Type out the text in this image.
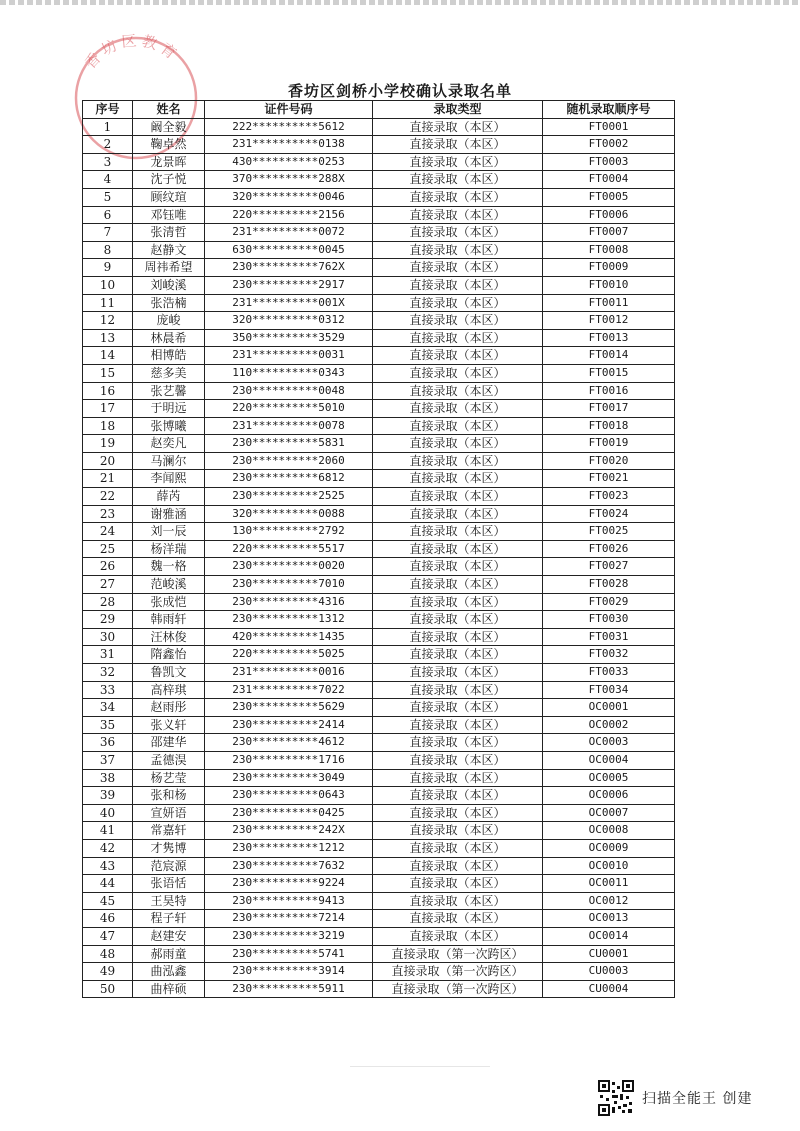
香坊区教育
香坊区剑桥小学校确认录取名单
序号	姓名	证件号码	录取类型	随机录取顺序号
1	阚全毅	222**********5612	直接录取（本区）	FT0001
2	鞠卓然	231**********0138	直接录取（本区）	FT0002
3	龙景晖	430**********0253	直接录取（本区）	FT0003
4	沈子悦	370**********288X	直接录取（本区）	FT0004
5	顾纹瑄	320**********0046	直接录取（本区）	FT0005
6	邓钰唯	220**********2156	直接录取（本区）	FT0006
7	张清哲	231**********0072	直接录取（本区）	FT0007
8	赵静文	630**********0045	直接录取（本区）	FT0008
9	周祎希望	230**********762X	直接录取（本区）	FT0009
10	刘峻溪	230**********2917	直接录取（本区）	FT0010
11	张浩楠	231**********001X	直接录取（本区）	FT0011
12	庞峻	320**********0312	直接录取（本区）	FT0012
13	林晨希	350**********3529	直接录取（本区）	FT0013
14	相博皓	231**********0031	直接录取（本区）	FT0014
15	慈多美	110**********0343	直接录取（本区）	FT0015
16	张艺馨	230**********0048	直接录取（本区）	FT0016
17	于明远	220**********5010	直接录取（本区）	FT0017
18	张博曦	231**********0078	直接录取（本区）	FT0018
19	赵奕凡	230**********5831	直接录取（本区）	FT0019
20	马澜尔	230**********2060	直接录取（本区）	FT0020
21	李闻熙	230**********6812	直接录取（本区）	FT0021
22	薛芮	230**********2525	直接录取（本区）	FT0023
23	谢雅涵	320**********0088	直接录取（本区）	FT0024
24	刘一辰	130**********2792	直接录取（本区）	FT0025
25	杨洋瑞	220**********5517	直接录取（本区）	FT0026
26	魏一格	230**********0020	直接录取（本区）	FT0027
27	范峻溪	230**********7010	直接录取（本区）	FT0028
28	张成恺	230**********4316	直接录取（本区）	FT0029
29	韩雨轩	230**********1312	直接录取（本区）	FT0030
30	汪林俊	420**********1435	直接录取（本区）	FT0031
31	隋鑫怡	220**********5025	直接录取（本区）	FT0032
32	鲁凯文	231**********0016	直接录取（本区）	FT0033
33	高梓琪	231**********7022	直接录取（本区）	FT0034
34	赵雨彤	230**********5629	直接录取（本区）	OC0001
35	张义轩	230**********2414	直接录取（本区）	OC0002
36	邵建华	230**********4612	直接录取（本区）	OC0003
37	孟德淏	230**********1716	直接录取（本区）	OC0004
38	杨艺莹	230**********3049	直接录取（本区）	OC0005
39	张和杨	230**********0643	直接录取（本区）	OC0006
40	宣妍语	230**********0425	直接录取（本区）	OC0007
41	常嘉轩	230**********242X	直接录取（本区）	OC0008
42	才隽博	230**********1212	直接录取（本区）	OC0009
43	范宸源	230**********7632	直接录取（本区）	OC0010
44	张语恬	230**********9224	直接录取（本区）	OC0011
45	王昊特	230**********9413	直接录取（本区）	OC0012
46	程子轩	230**********7214	直接录取（本区）	OC0013
47	赵建安	230**********3219	直接录取（本区）	OC0014
48	郝雨童	230**********5741	直接录取（第一次跨区）	CU0001
49	曲泓鑫	230**********3914	直接录取（第一次跨区）	CU0003
50	曲梓硕	230**********5911	直接录取（第一次跨区）	CU0004
扫描全能王 创建
